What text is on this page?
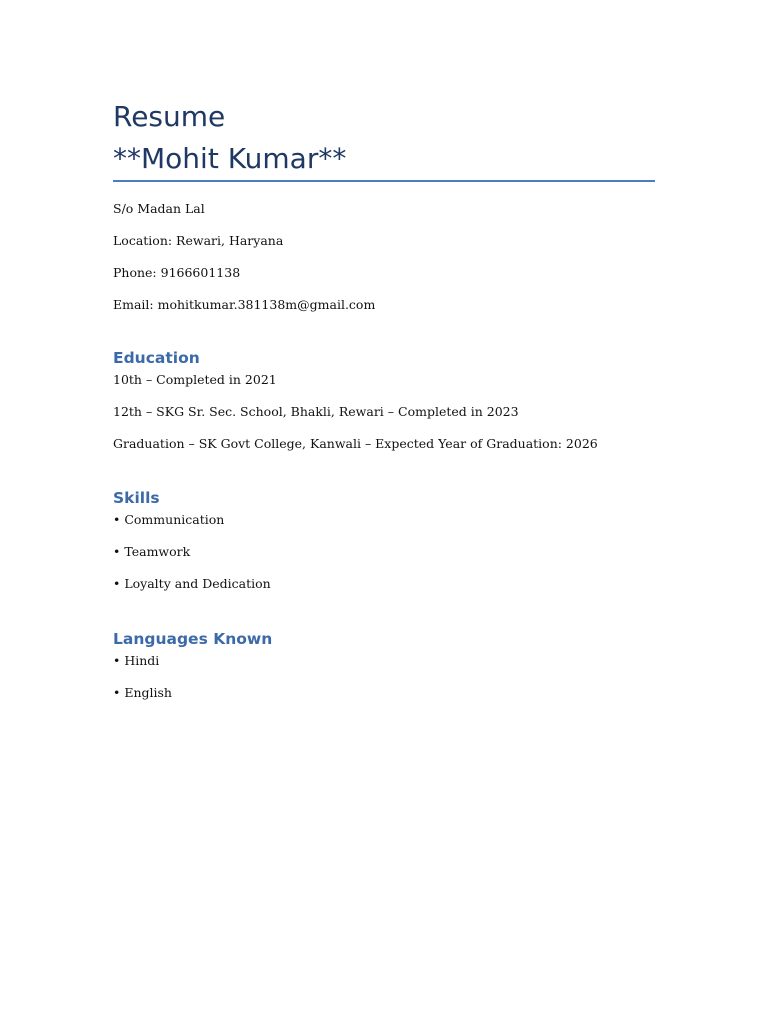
Resume
**Mohit Kumar**
S/o Madan Lal
Location: Rewari, Haryana
Phone: 9166601138
Email: mohitkumar.381138m@gmail.com
Education
10th – Completed in 2021
12th – SKG Sr. Sec. School, Bhakli, Rewari – Completed in 2023
Graduation – SK Govt College, Kanwali – Expected Year of Graduation: 2026
Skills
• Communication
• Teamwork
• Loyalty and Dedication
Languages Known
• Hindi
• English
